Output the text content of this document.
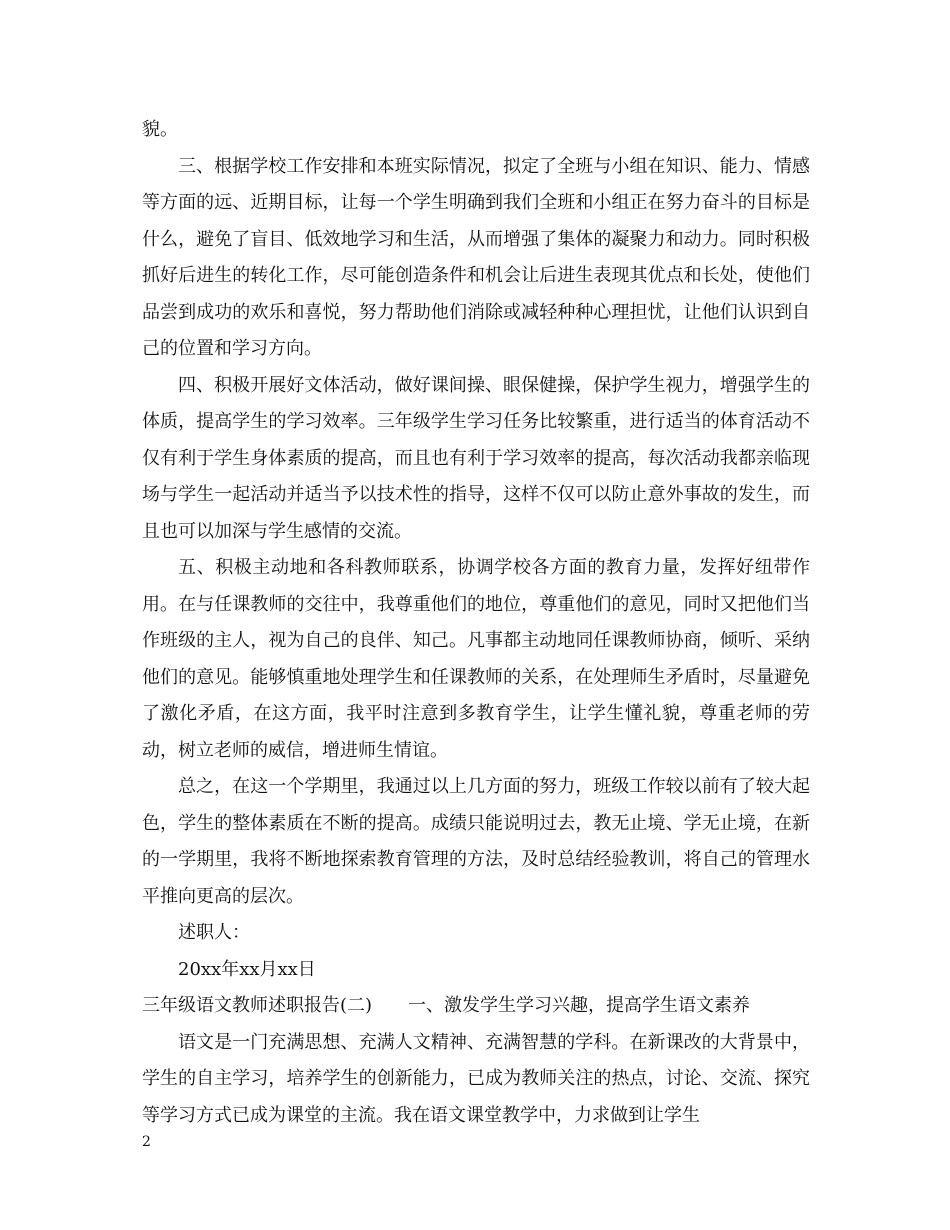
貌。

三、根据学校工作安排和本班实际情况，拟定了全班与小组在知识、能力、情感等方面的远、近期目标，让每一个学生明确到我们全班和小组正在努力奋斗的目标是什么，避免了盲目、低效地学习和生活，从而增强了集体的凝聚力和动力。同时积极抓好后进生的转化工作，尽可能创造条件和机会让后进生表现其优点和长处，使他们品尝到成功的欢乐和喜悦，努力帮助他们消除或减轻种种心理担忧，让他们认识到自己的位置和学习方向。

四、积极开展好文体活动，做好课间操、眼保健操，保护学生视力，增强学生的体质，提高学生的学习效率。三年级学生学习任务比较繁重，进行适当的体育活动不仅有利于学生身体素质的提高，而且也有利于学习效率的提高，每次活动我都亲临现场与学生一起活动并适当予以技术性的指导，这样不仅可以防止意外事故的发生，而且也可以加深与学生感情的交流。

五、积极主动地和各科教师联系，协调学校各方面的教育力量，发挥好纽带作用。在与任课教师的交往中，我尊重他们的地位，尊重他们的意见，同时又把他们当作班级的主人，视为自己的良伴、知己。凡事都主动地同任课教师协商，倾听、采纳他们的意见。能够慎重地处理学生和任课教师的关系，在处理师生矛盾时，尽量避免了激化矛盾，在这方面，我平时注意到多教育学生，让学生懂礼貌，尊重老师的劳动，树立老师的威信，增进师生情谊。

总之，在这一个学期里，我通过以上几方面的努力，班级工作较以前有了较大起色，学生的整体素质在不断的提高。成绩只能说明过去，教无止境、学无止境，在新的一学期里，我将不断地探索教育管理的方法，及时总结经验教训，将自己的管理水平推向更高的层次。

述职人：

20xx年xx月xx日

三年级语文教师述职报告(二)　　一、激发学生学习兴趣，提高学生语文素养

语文是一门充满思想、充满人文精神、充满智慧的学科。在新课改的大背景中，学生的自主学习，培养学生的创新能力，已成为教师关注的热点，讨论、交流、探究等学习方式已成为课堂的主流。我在语文课堂教学中，力求做到让学生

2
